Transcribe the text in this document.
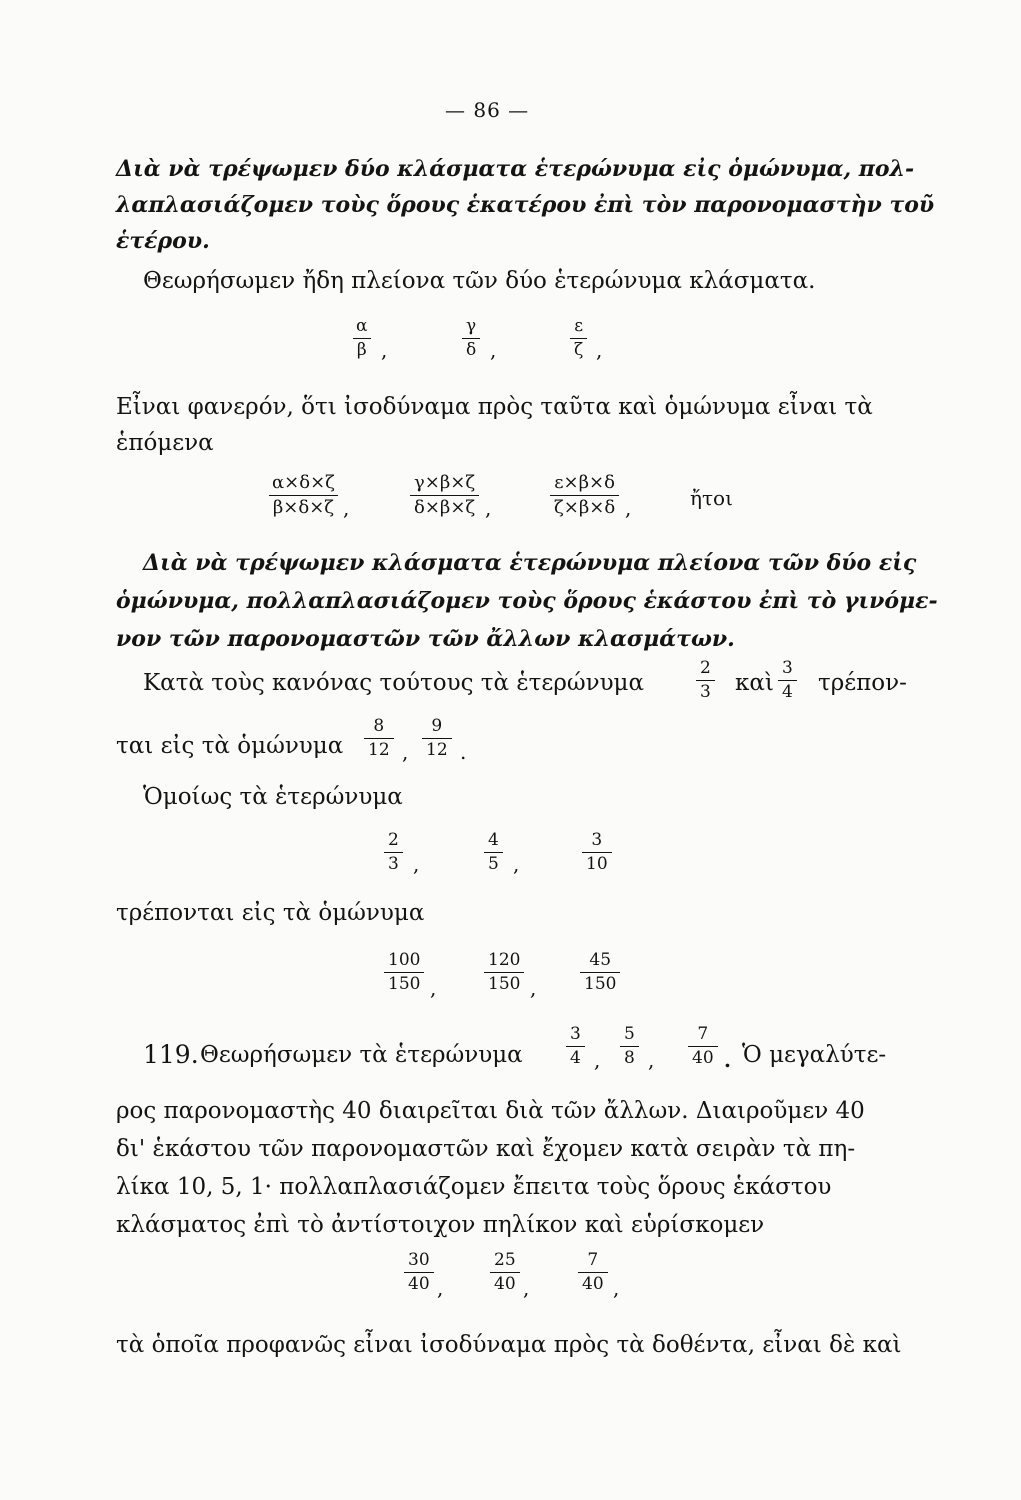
— 86 —
Διὰ νὰ τρέψωμεν δύο κλάσματα ἑτερώνυμα εἰς ὁμώνυμα, πολ-
λαπλασιάζομεν τοὺς ὅρους ἑκατέρου ἐπὶ τὸν παρονομαστὴν τοῦ
ἑτέρου.
Θεωρήσωμεν ἤδη πλείονα τῶν δύο ἑτερώνυμα κλάσματα.
$\frac{\alpha}{\beta}$ ,	$\frac{\gamma}{\delta}$ ,	$\frac{\varepsilon}{\zeta}$ ,
Εἶναι φανερόν, ὅτι ἰσοδύναμα πρὸς ταῦτα καὶ ὁμώνυμα εἶναι τὰ
ἑπόμενα
$\frac{\alpha\times\delta\times\zeta}{\beta\times\delta\times\zeta}$ ,	$\frac{\gamma\times\beta\times\zeta}{\delta\times\beta\times\zeta}$ ,	$\frac{\varepsilon\times\beta\times\delta}{\zeta\times\beta\times\delta}$ ,	ἤτοι
Διὰ νὰ τρέψωμεν κλάσματα ἑτερώνυμα πλείονα τῶν δύο εἰς
ὁμώνυμα, πολλαπλασιάζομεν τοὺς ὅρους ἑκάστου ἐπὶ τὸ γινόμε-
νον τῶν παρονομαστῶν τῶν ἄλλων κλασμάτων.
Κατὰ τοὺς κανόνας τούτους τὰ ἑτερώνυμα	$\frac{2}{3}$ καὶ $\frac{3}{4} \tau\rho έ\pi o\nu-$
ται εἰς τὰ ὁμώνυμα $\frac{8}{12}$ , $\frac{9}{12}$ .
Ὁμοίως τὰ ἑτερώνυμα
$\frac{2}{3}$ ,	$\frac{4}{5}$ ,	$\frac{3}{10}$
τρέπονται εἰς τὰ ὁμώνυμα
$\frac{100}{150}$ ,	$\frac{120}{150}$ ,	$\frac{45}{150}$
119. Θεωρήσωμεν τὰ ἑτερώνυμα	$\frac{3}{4}$ , $\frac{5}{8}$ , $\frac{7}{40}$ . Ὁ μεγαλύτε-
ρος παρονομαστὴς 40 διαιρεῖται διὰ τῶν ἄλλων. Διαιροῦμεν 40
δι' ἑκάστου τῶν παρονομαστῶν καὶ ἔχομεν κατὰ σειρὰν τὰ πη-
λίκα 10, 5, 1· πολλαπλασιάζομεν ἔπειτα τοὺς ὅρους ἑκάστου
κλάσματος ἐπὶ τὸ ἀντίστοιχον πηλίκον καὶ εὑρίσκομεν
$\frac{30}{40}$ ,	$\frac{25}{40}$ ,	$\frac{7}{40}$ ,
τὰ ὁποῖα προφανῶς εἶναι ἰσοδύναμα πρὸς τὰ δοθέντα, εἶναι δὲ καὶ
